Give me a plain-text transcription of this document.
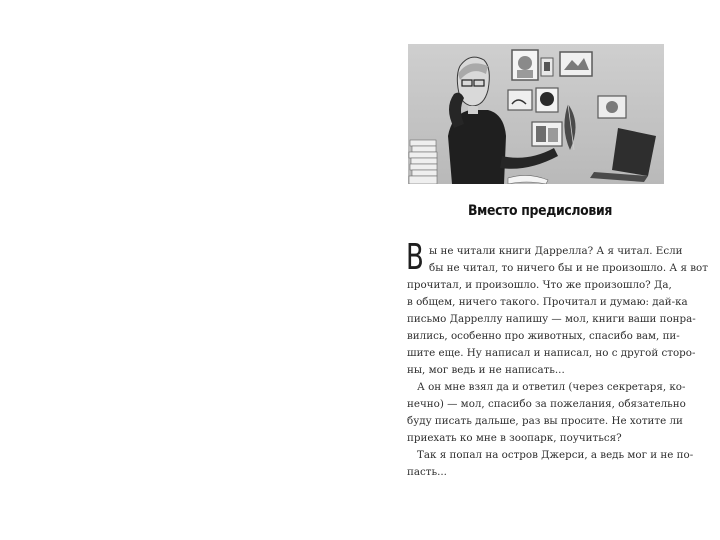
Вместо предисловия
В ы не читали книги Даррелла? А я читал. Если
бы не читал, то ничего бы и не произошло. А я вот
прочитал, и произошло. Что же произошло? Да,
в общем, ничего такого. Прочитал и думаю: дай-ка
письмо Дарреллу напишу — мол, книги ваши понра-
вились, особенно про животных, спасибо вам, пи-
шите еще. Ну написал и написал, но с другой сторо-
ны, мог ведь и не написать...
А он мне взял да и ответил (через секретаря, ко-
нечно) — мол, спасибо за пожелания, обязательно
буду писать дальше, раз вы просите. Не хотите ли
приехать ко мне в зоопарк, поучиться?
Так я попал на остров Джерси, а ведь мог и не по-
пасть...
